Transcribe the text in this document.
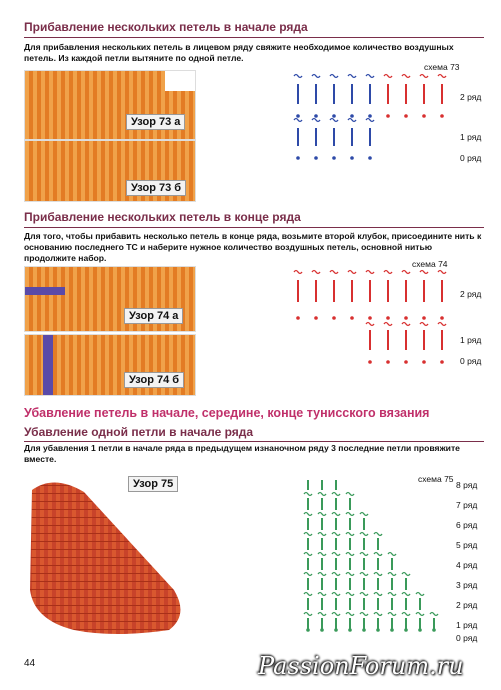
Прибавление нескольких петель в начале ряда
Для прибавления нескольких петель в лицевом ряду свяжите необходимое количество воздушных петель. Из каждой петли вытяните по одной петле.
Узор 73 а
Узор 73 б
схема 73
2 ряд
1 ряд
0 ряд
Прибавление нескольких петель в конце ряда
Для того, чтобы прибавить несколько петель в конце ряда, возьмите второй клубок, присоедините нить к основанию последнего ТС и наберите нужное количество воздушных петель, основной нитью продолжите набор.
Узор 74 а
Узор 74 б
схема 74
2 ряд
1 ряд
0 ряд
Убавление петель в начале, середине, конце тунисского вязания
Убавление одной петли в начале ряда
Для убавления 1 петли в начале ряда в предыдущем изнаночном ряду 3 последние петли провяжите вместе.
Узор 75	схема 75
8 ряд
7 ряд
6 ряд
5 ряд
4 ряд
3 ряд
2 ряд
1 ряд
0 ряд
44	PassionForum.ru
